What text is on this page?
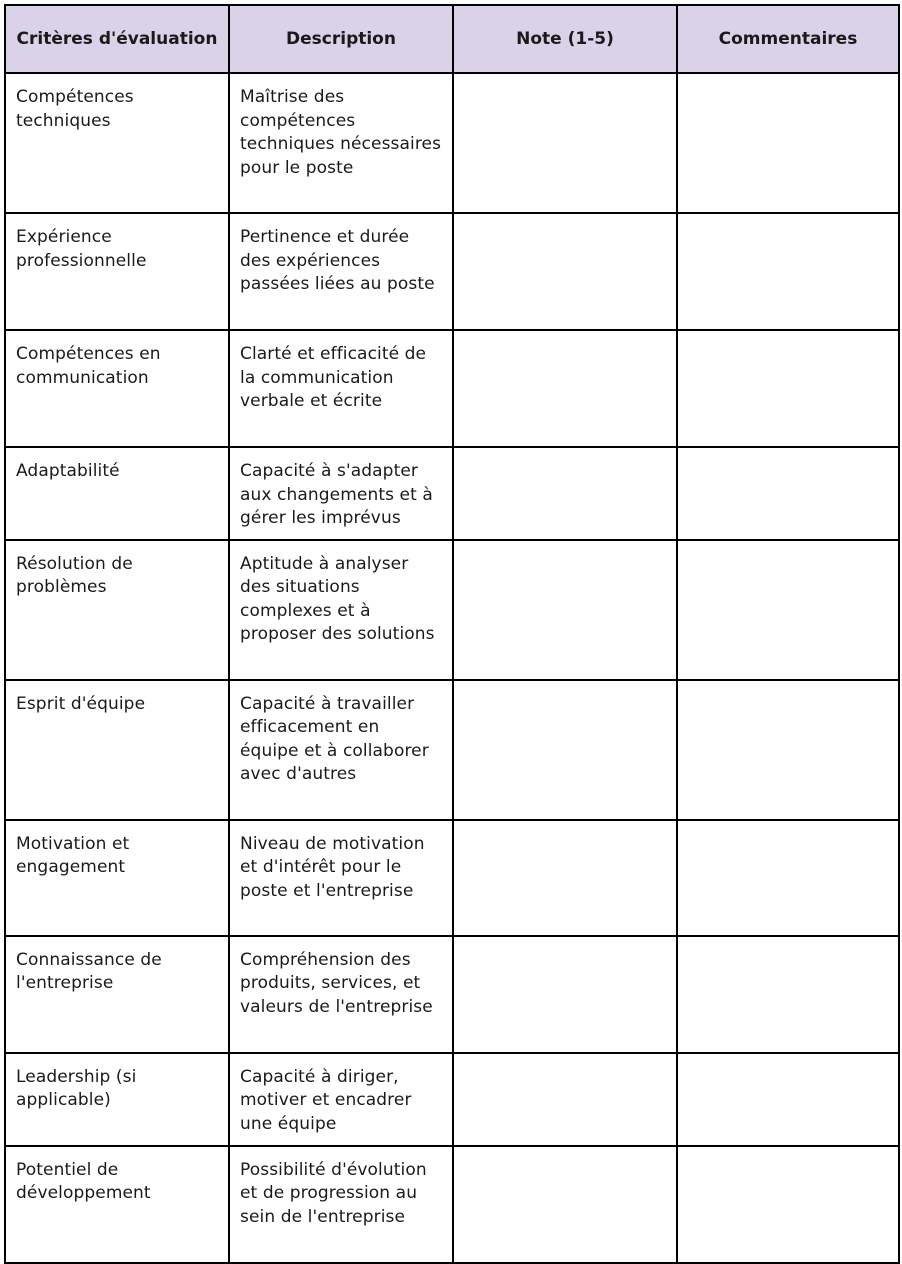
Critères d'évaluation	Description	Note (1-5)	Commentaires
Compétences techniques	Maîtrise des compétences techniques nécessaires pour le poste		
Expérience professionnelle	Pertinence et durée des expériences passées liées au poste		
Compétences en communication	Clarté et efficacité de la communication verbale et écrite		
Adaptabilité	Capacité à s'adapter aux changements et à gérer les imprévus		
Résolution de problèmes	Aptitude à analyser des situations complexes et à proposer des solutions		
Esprit d'équipe	Capacité à travailler efficacement en équipe et à collaborer avec d'autres		
Motivation et engagement	Niveau de motivation et d'intérêt pour le poste et l'entreprise		
Connaissance de l'entreprise	Compréhension des produits, services, et valeurs de l'entreprise		
Leadership (si applicable)	Capacité à diriger, motiver et encadrer une équipe		
Potentiel de développement	Possibilité d'évolution et de progression au sein de l'entreprise		
